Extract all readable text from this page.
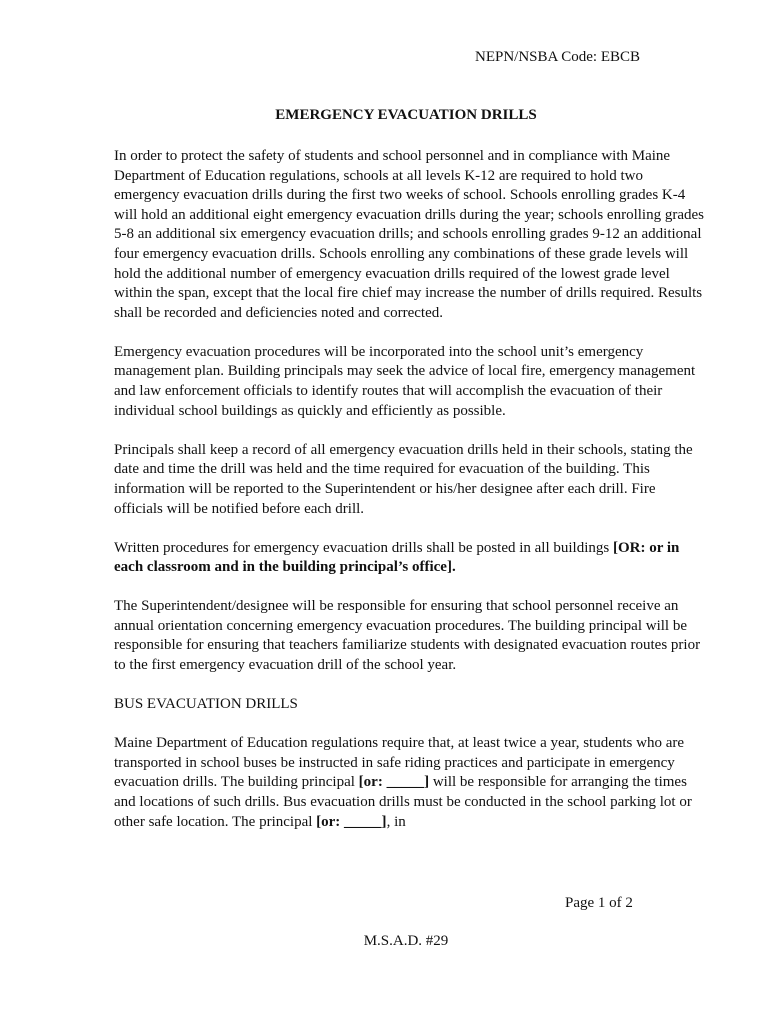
NEPN/NSBA Code: EBCB
EMERGENCY EVACUATION DRILLS

In order to protect the safety of students and school personnel and in compliance with Maine Department of Education regulations, schools at all levels K-12 are required to hold two emergency evacuation drills during the first two weeks of school. Schools enrolling grades K-4 will hold an additional eight emergency evacuation drills during the year; schools enrolling grades 5-8 an additional six emergency evacuation drills; and schools enrolling grades 9-12 an additional four emergency evacuation drills. Schools enrolling any combinations of these grade levels will hold the additional number of emergency evacuation drills required of the lowest grade level within the span, except that the local fire chief may increase the number of drills required. Results shall be recorded and deficiencies noted and corrected.

Emergency evacuation procedures will be incorporated into the school unit’s emergency management plan. Building principals may seek the advice of local fire, emergency management and law enforcement officials to identify routes that will accomplish the evacuation of their individual school buildings as quickly and efficiently as possible.

Principals shall keep a record of all emergency evacuation drills held in their schools, stating the date and time the drill was held and the time required for evacuation of the building. This information will be reported to the Superintendent or his/her designee after each drill. Fire officials will be notified before each drill.

Written procedures for emergency evacuation drills shall be posted in all buildings [OR: or in each classroom and in the building principal’s office].

The Superintendent/designee will be responsible for ensuring that school personnel receive an annual orientation concerning emergency evacuation procedures. The building principal will be responsible for ensuring that teachers familiarize students with designated evacuation routes prior to the first emergency evacuation drill of the school year.

BUS EVACUATION DRILLS

Maine Department of Education regulations require that, at least twice a year, students who are transported in school buses be instructed in safe riding practices and participate in emergency evacuation drills. The building principal [or: _____] will be responsible for arranging the times and locations of such drills. Bus evacuation drills must be conducted in the school parking lot or other safe location. The principal [or: _____], in

Page 1 of 2
M.S.A.D. #29
